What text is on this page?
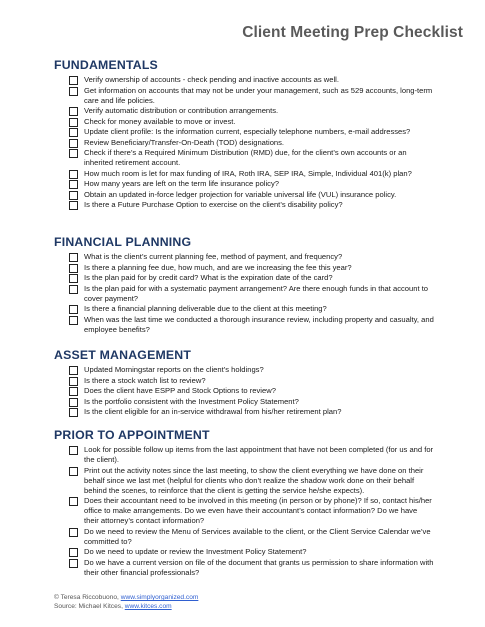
Client Meeting Prep Checklist
FUNDAMENTALS
Verify ownership of accounts - check pending and inactive accounts as well.
Get information on accounts that may not be under your management, such as 529 accounts, long-term care and life policies.
Verify automatic distribution or contribution arrangements.
Check for money available to move or invest.
Update client profile: Is the information current, especially telephone numbers, e-mail addresses?
Review Beneficiary/Transfer-On-Death (TOD) designations.
Check if there’s a Required Minimum Distribution (RMD) due, for the client’s own accounts or an inherited retirement account.
How much room is let for max funding of IRA, Roth IRA, SEP IRA, Simple, Individual 401(k) plan?
How many years are left on the term life insurance policy?
Obtain an updated in-force ledger projection for variable universal life (VUL) insurance policy.
Is there a Future Purchase Option to exercise on the client’s disability policy?
FINANCIAL PLANNING
What is the client’s current planning fee, method of payment, and frequency?
Is there a planning fee due, how much, and are we increasing the fee this year?
Is the plan paid for by credit card? What is the expiration date of the card?
Is the plan paid for with a systematic payment arrangement? Are there enough funds in that account to cover payment?
Is there a financial planning deliverable due to the client at this meeting?
When was the last time we conducted a thorough insurance review, including property and casualty, and employee benefits?
ASSET MANAGEMENT
Updated Morningstar reports on the client’s holdings?
Is there a stock watch list to review?
Does the client have ESPP and Stock Options to review?
Is the portfolio consistent with the Investment Policy Statement?
Is the client eligible for an in-service withdrawal from his/her retirement plan?
PRIOR TO APPOINTMENT
Look for possible follow up items from the last appointment that have not been completed (for us and for the client).
Print out the activity notes since the last meeting, to show the client everything we have done on their behalf since we last met (helpful for clients who don’t realize the shadow work done on their behalf behind the scenes, to reinforce that the client is getting the service he/she expects).
Does their accountant need to be involved in this meeting (in person or by phone)? If so, contact his/her office to make arrangements. Do we even have their accountant’s contact information? Do we have their attorney’s contact information?
Do we need to review the Menu of Services available to the client, or the Client Service Calendar we’ve committed to?
Do we need to update or review the Investment Policy Statement?
Do we have a current version on file of the document that grants us permission to share information with their other financial professionals?
© Teresa Riccobuono, www.simplyorganized.com
Source: Michael Kitces, www.kitces.com
